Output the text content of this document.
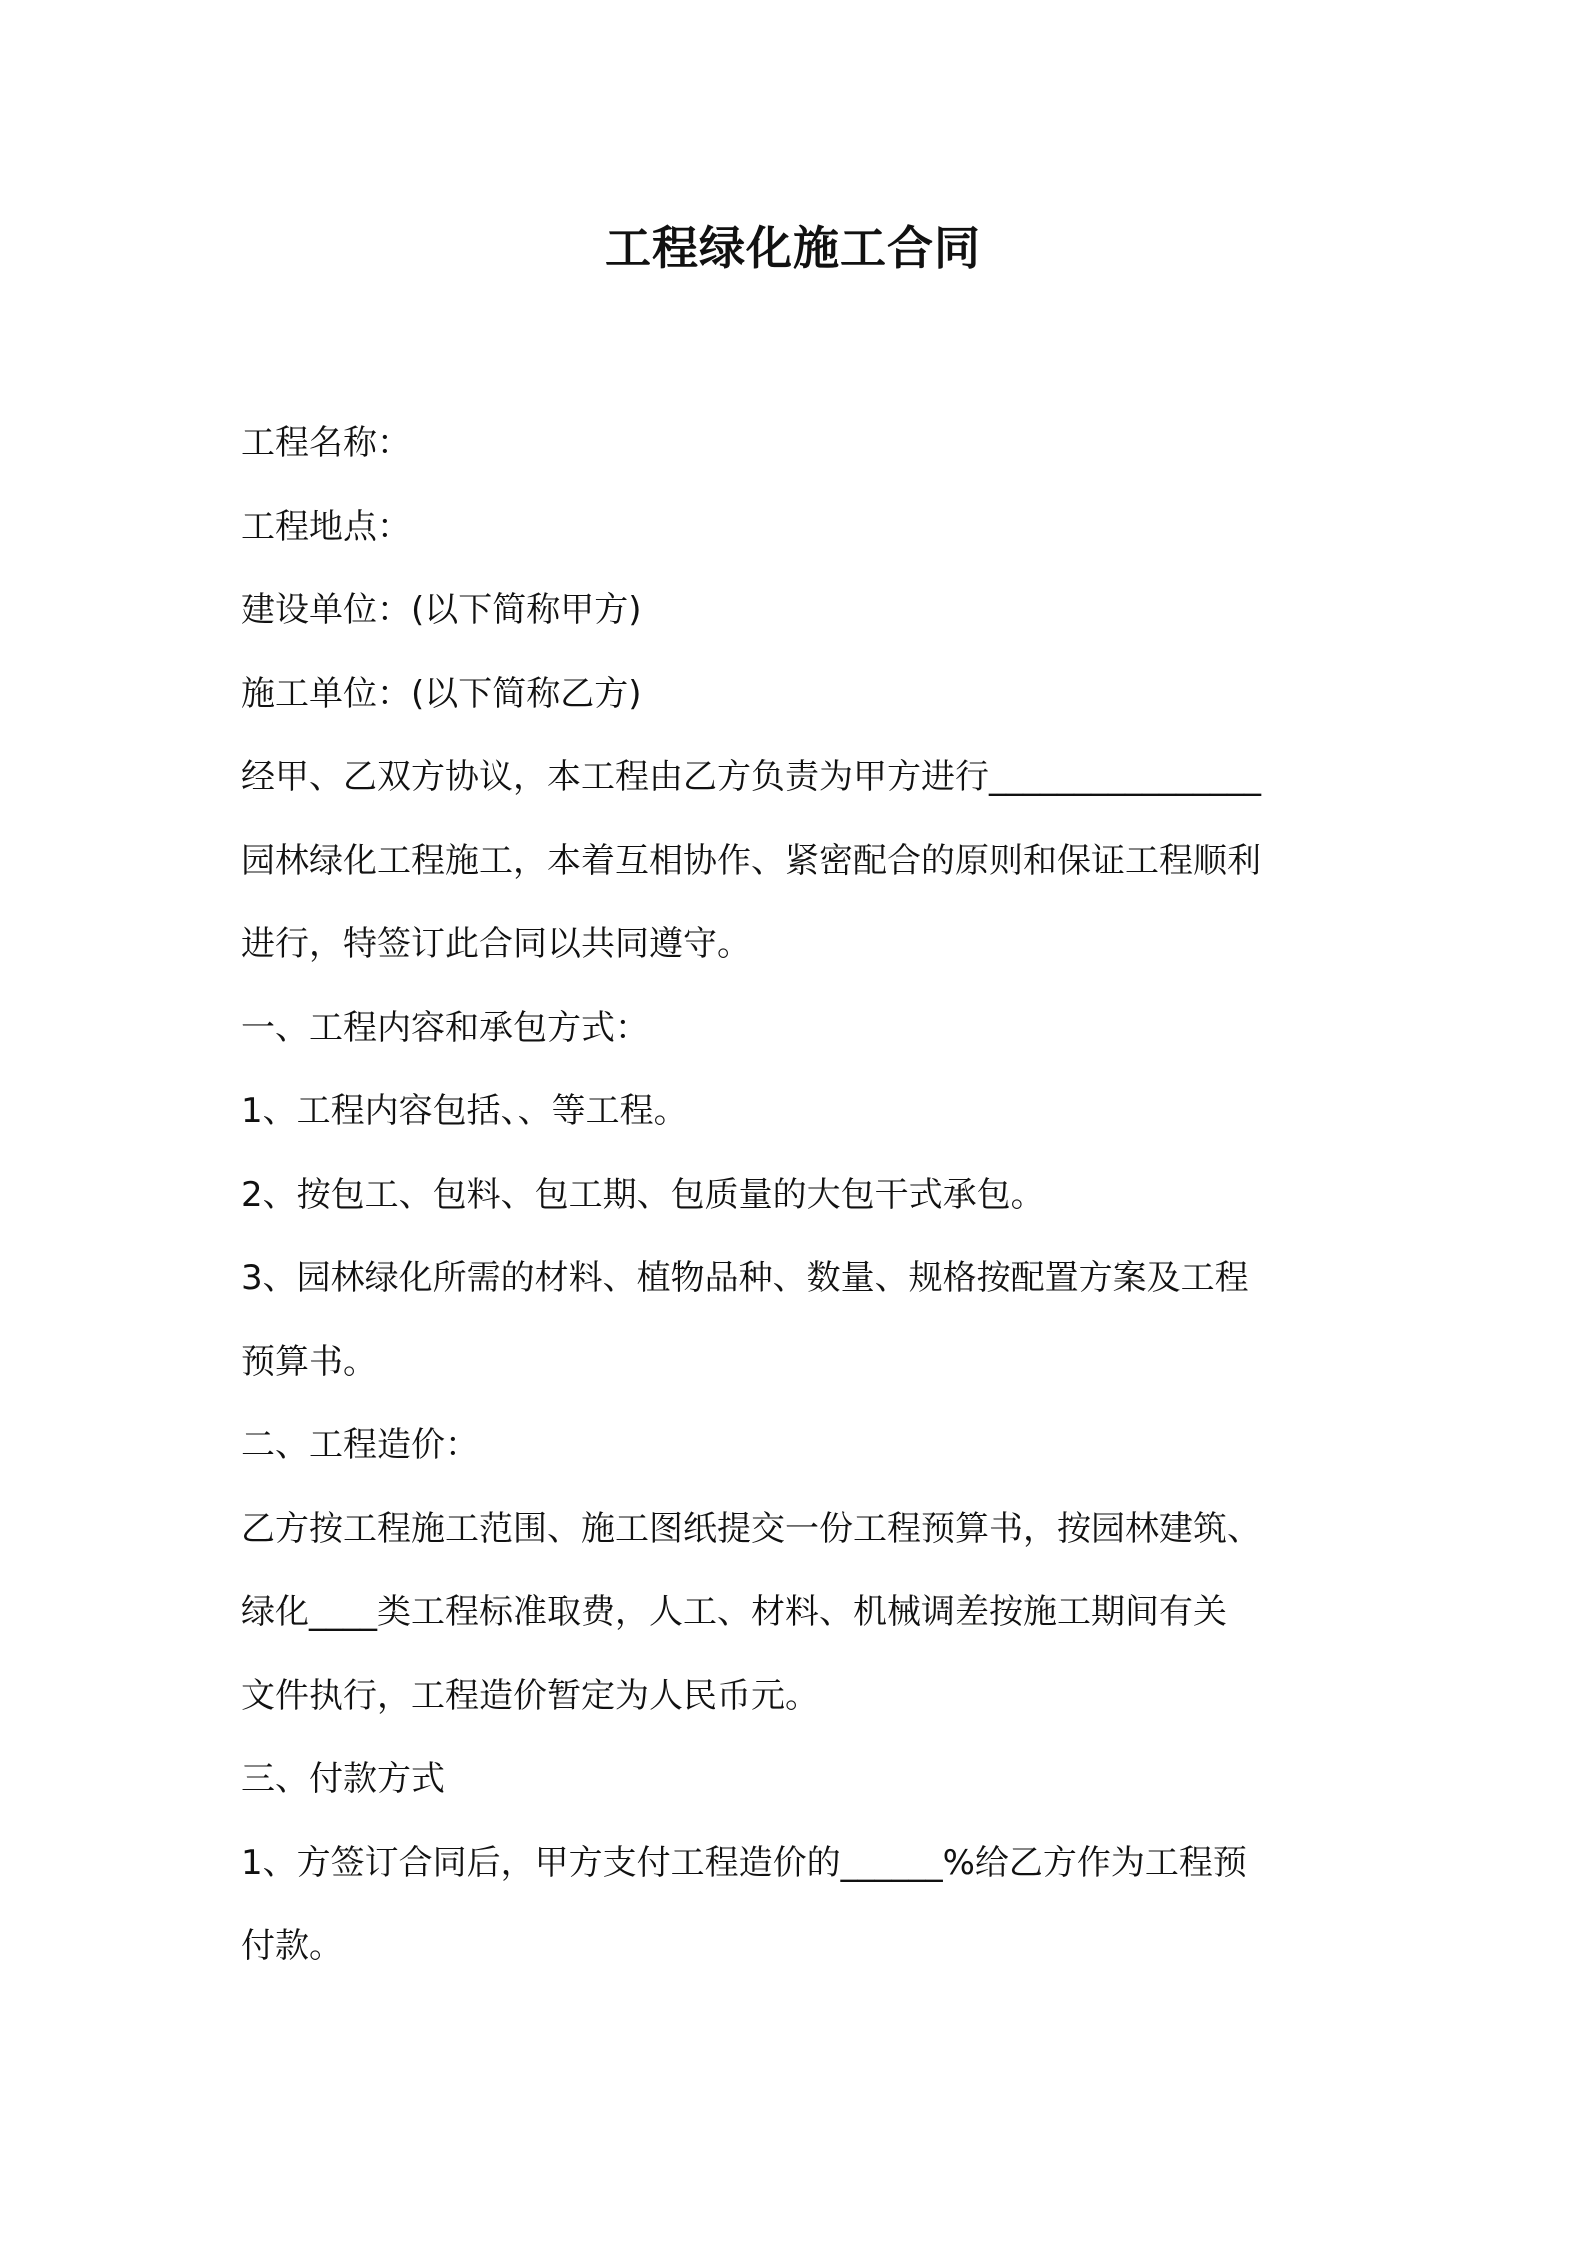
工程绿化施工合同
工程名称：
工程地点：
建设单位：(以下简称甲方)
施工单位：(以下简称乙方)
经甲、乙双方协议，本工程由乙方负责为甲方进行________________
园林绿化工程施工，本着互相协作、紧密配合的原则和保证工程顺利
进行，特签订此合同以共同遵守。
一、工程内容和承包方式：
1、工程内容包括、、等工程。
2、按包工、包料、包工期、包质量的大包干式承包。
3、园林绿化所需的材料、植物品种、数量、规格按配置方案及工程
预算书。
二、工程造价：
乙方按工程施工范围、施工图纸提交一份工程预算书，按园林建筑、
绿化____类工程标准取费，人工、材料、机械调差按施工期间有关
文件执行，工程造价暂定为人民币元。
三、付款方式
1、方签订合同后，甲方支付工程造价的______%给乙方作为工程预
付款。
